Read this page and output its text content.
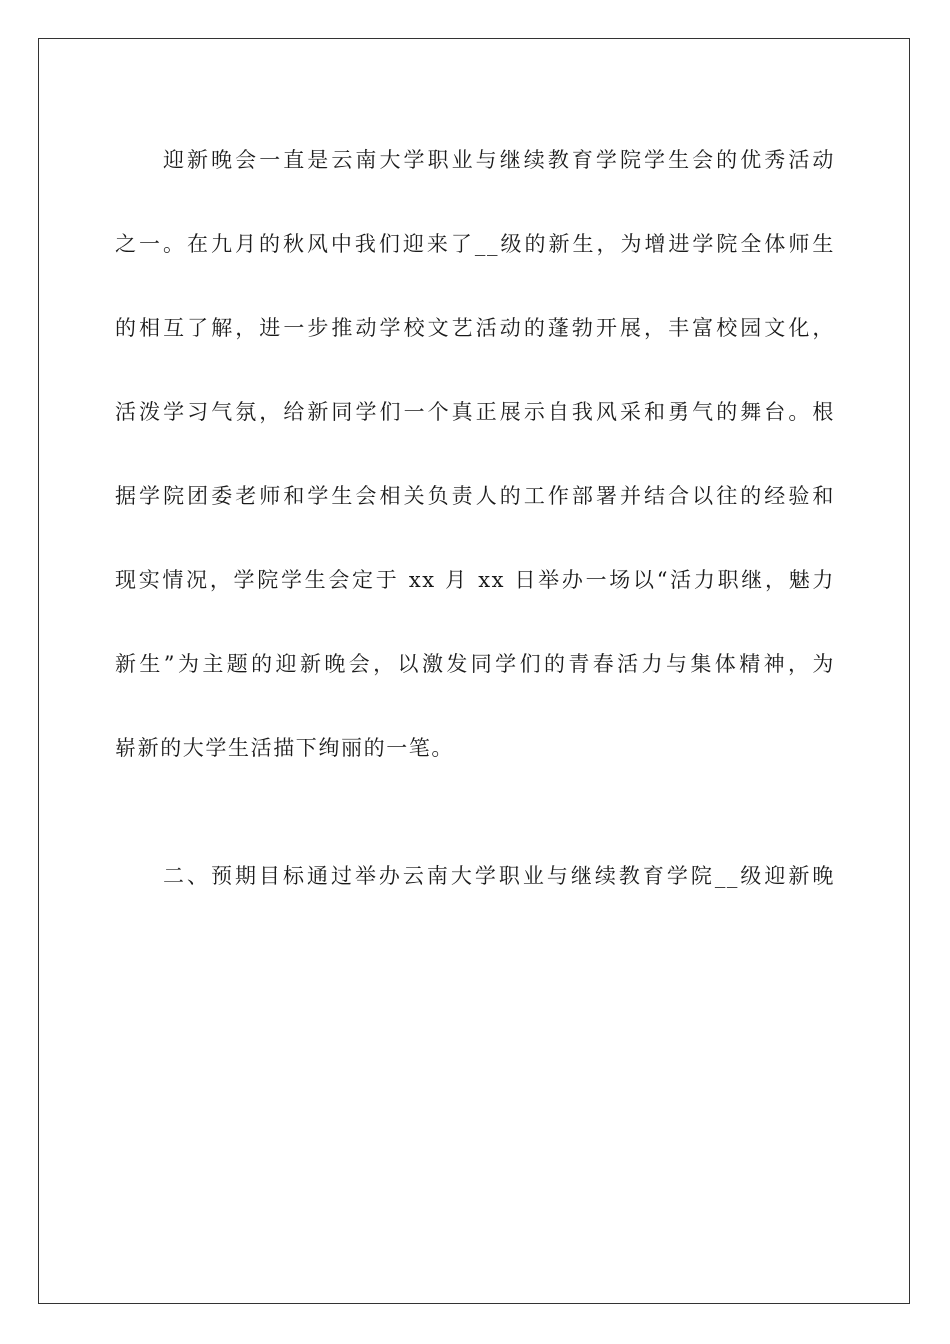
迎新晚会一直是云南大学职业与继续教育学院学生会的优秀活动
之一。在九月的秋风中我们迎来了__级的新生，为增进学院全体师生
的相互了解，进一步推动学校文艺活动的蓬勃开展，丰富校园文化，
活泼学习气氛，给新同学们一个真正展示自我风采和勇气的舞台。根
据学院团委老师和学生会相关负责人的工作部署并结合以往的经验和
现实情况，学院学生会定于 xx 月 xx 日举办一场以“活力职继，魅力
新生”为主题的迎新晚会，以激发同学们的青春活力与集体精神，为
崭新的大学生活描下绚丽的一笔。
二、预期目标通过举办云南大学职业与继续教育学院__级迎新晚
